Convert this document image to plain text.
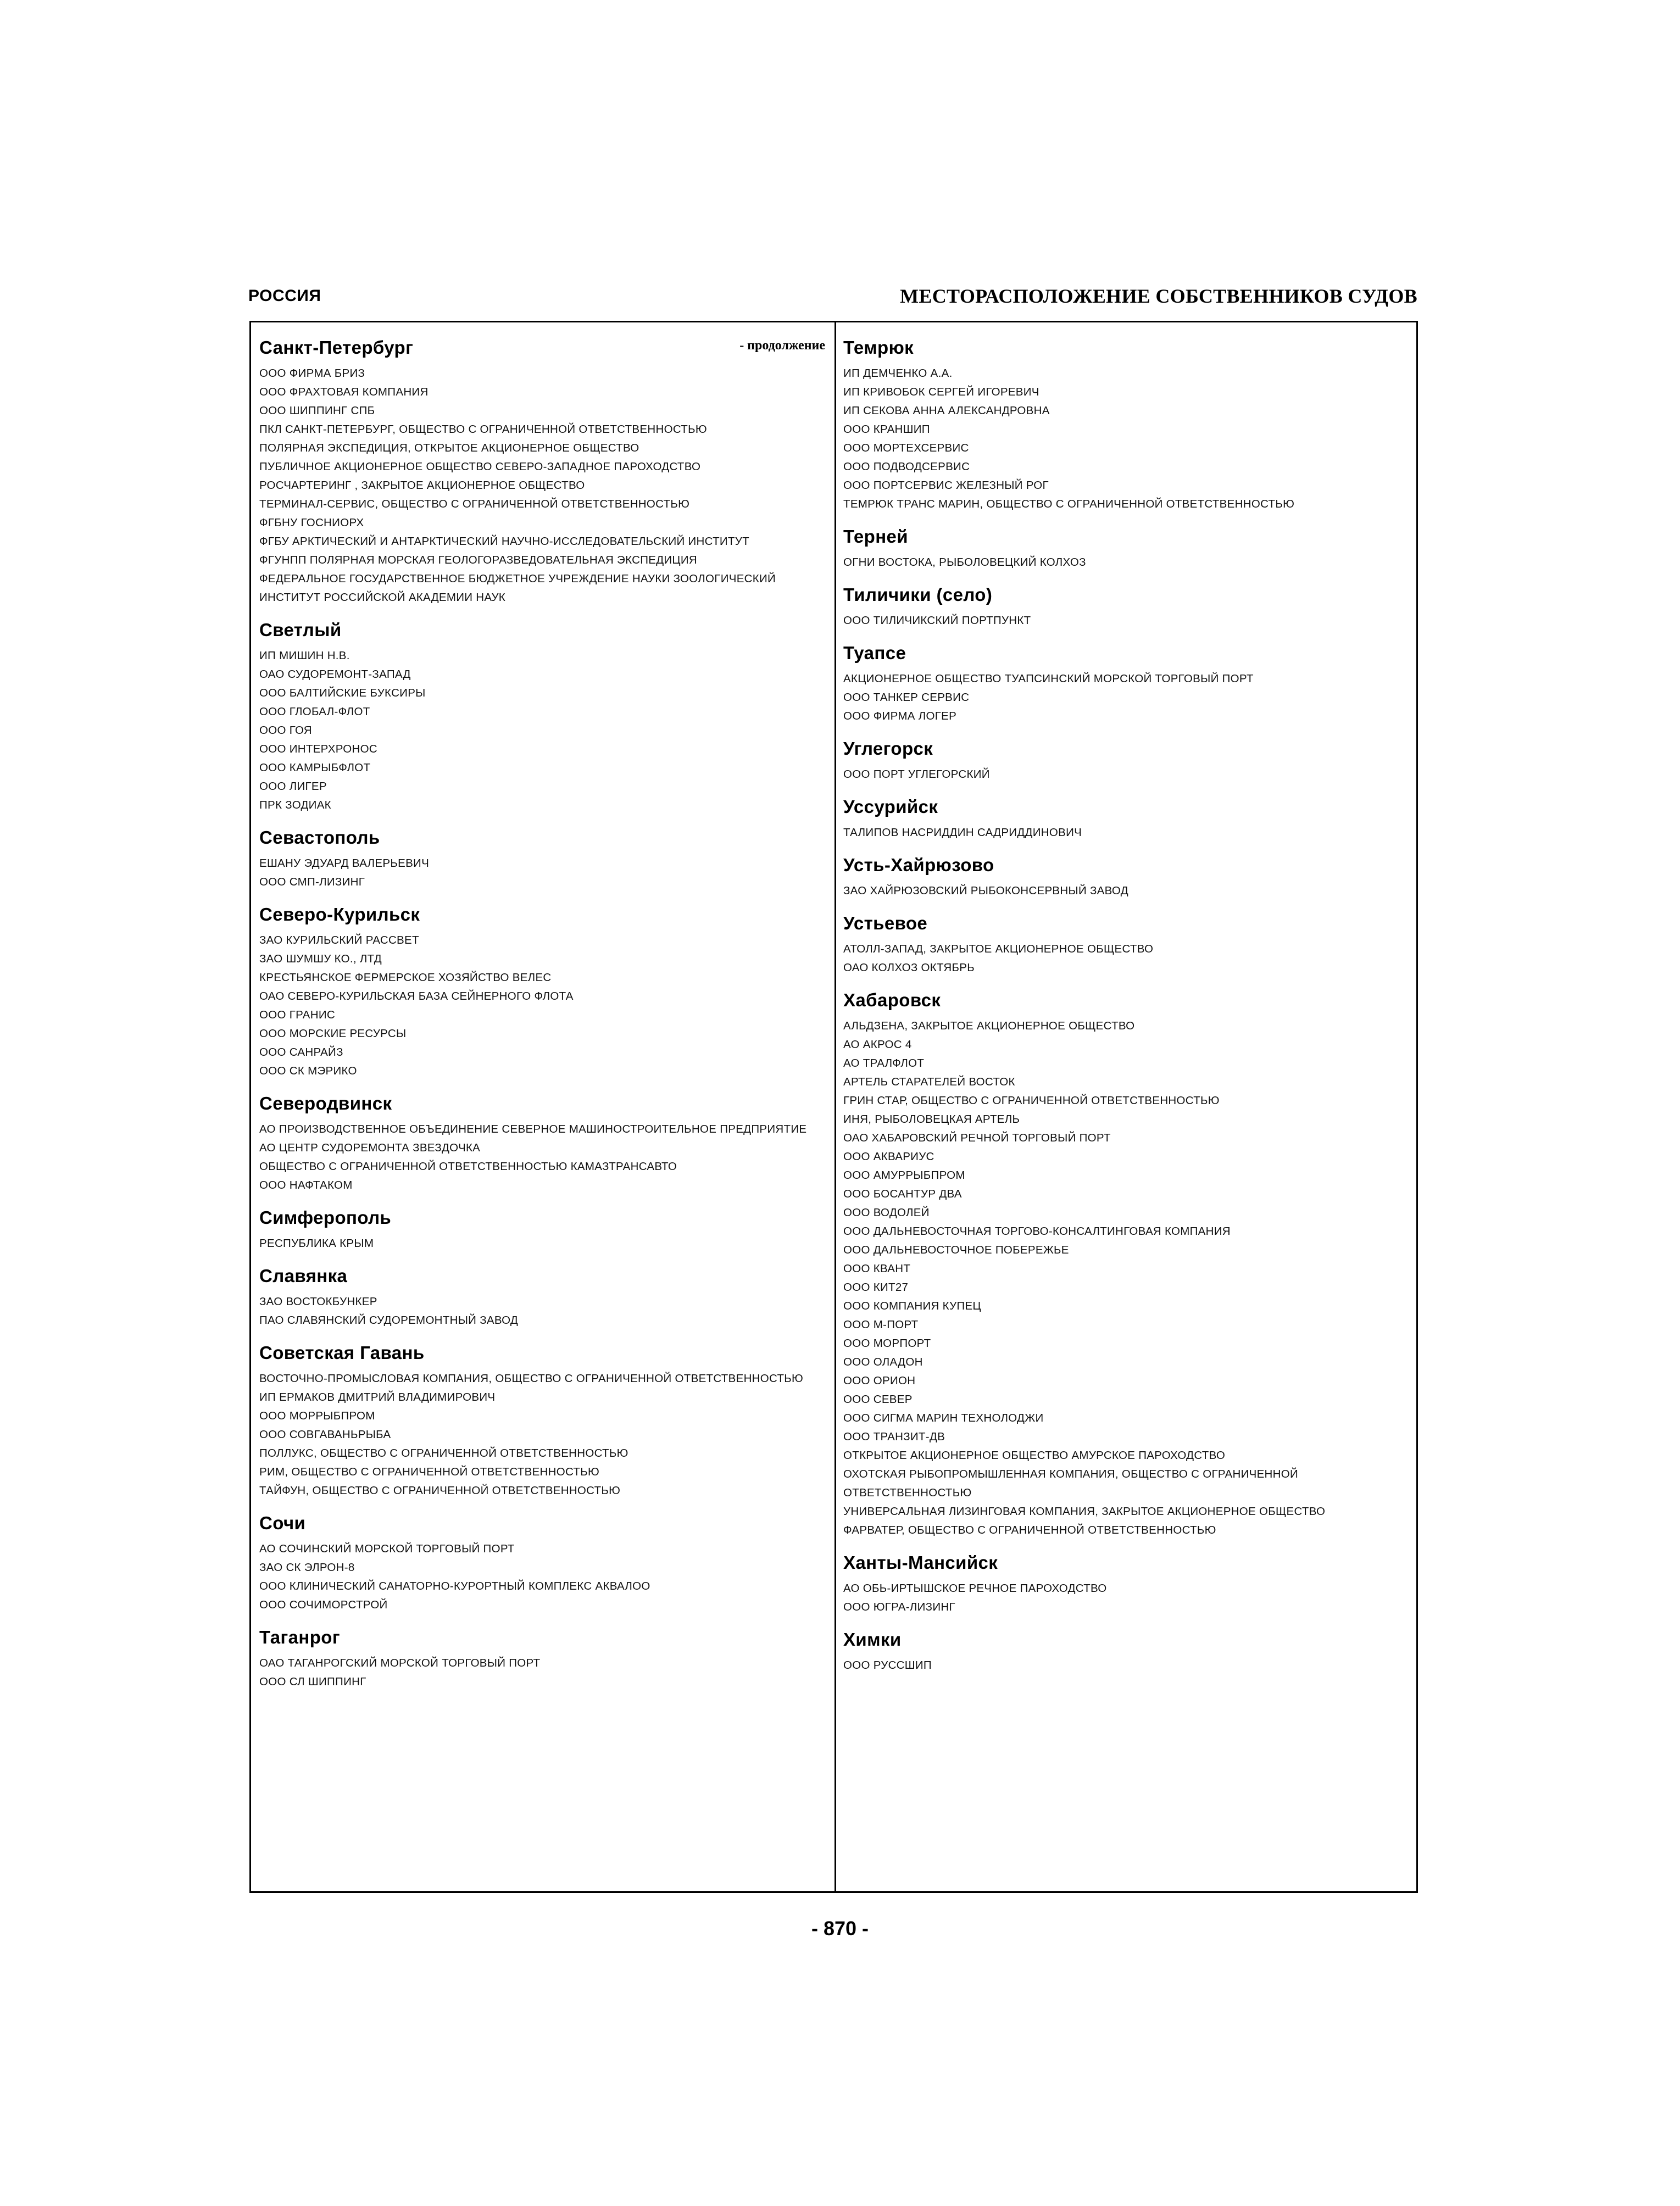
РОССИЯ	МЕСТОРАСПОЛОЖЕНИЕ СОБСТВЕННИКОВ СУДОВ
Санкт-Петербург	- продолжение
ООО ФИРМА БРИЗ
ООО ФРАХТОВАЯ КОМПАНИЯ
ООО ШИППИНГ СПБ
ПКЛ САНКТ-ПЕТЕРБУРГ, ОБЩЕСТВО С ОГРАНИЧЕННОЙ ОТВЕТСТВЕННОСТЬЮ
ПОЛЯРНАЯ ЭКСПЕДИЦИЯ, ОТКРЫТОЕ АКЦИОНЕРНОЕ ОБЩЕСТВО
ПУБЛИЧНОЕ АКЦИОНЕРНОЕ ОБЩЕСТВО СЕВЕРО-ЗАПАДНОЕ ПАРОХОДСТВО
РОСЧАРТЕРИНГ , ЗАКРЫТОЕ АКЦИОНЕРНОЕ ОБЩЕСТВО
ТЕРМИНАЛ-СЕРВИС, ОБЩЕСТВО С ОГРАНИЧЕННОЙ ОТВЕТСТВЕННОСТЬЮ
ФГБНУ ГОСНИОРХ
ФГБУ АРКТИЧЕСКИЙ И АНТАРКТИЧЕСКИЙ НАУЧНО-ИССЛЕДОВАТЕЛЬСКИЙ ИНСТИТУТ
ФГУНПП ПОЛЯРНАЯ МОРСКАЯ ГЕОЛОГОРАЗВЕДОВАТЕЛЬНАЯ ЭКСПЕДИЦИЯ
ФЕДЕРАЛЬНОЕ ГОСУДАРСТВЕННОЕ БЮДЖЕТНОЕ УЧРЕЖДЕНИЕ НАУКИ ЗООЛОГИЧЕСКИЙ ИНСТИТУТ РОССИЙСКОЙ АКАДЕМИИ НАУК
Светлый
ИП МИШИН Н.В.
ОАО СУДОРЕМОНТ-ЗАПАД
ООО БАЛТИЙСКИЕ БУКСИРЫ
ООО ГЛОБАЛ-ФЛОТ
ООО ГОЯ
ООО ИНТЕРХРОНОС
ООО КАМРЫБФЛОТ
ООО ЛИГЕР
ПРК ЗОДИАК
Севастополь
ЕШАНУ ЭДУАРД ВАЛЕРЬЕВИЧ
ООО СМП-ЛИЗИНГ
Северо-Курильск
ЗАО КУРИЛЬСКИЙ РАССВЕТ
ЗАО ШУМШУ КО., ЛТД
КРЕСТЬЯНСКОЕ ФЕРМЕРСКОЕ ХОЗЯЙСТВО ВЕЛЕС
ОАО СЕВЕРО-КУРИЛЬСКАЯ БАЗА СЕЙНЕРНОГО ФЛОТА
ООО ГРАНИС
ООО МОРСКИЕ РЕСУРСЫ
ООО САНРАЙЗ
ООО СК МЭРИКО
Северодвинск
АО ПРОИЗВОДСТВЕННОЕ ОБЪЕДИНЕНИЕ СЕВЕРНОЕ МАШИНОСТРОИТЕЛЬНОЕ ПРЕДПРИЯТИЕ
АО ЦЕНТР СУДОРЕМОНТА ЗВЕЗДОЧКА
ОБЩЕСТВО С ОГРАНИЧЕННОЙ ОТВЕТСТВЕННОСТЬЮ КАМАЗТРАНСАВТО
ООО НАФТАКОМ
Симферополь
РЕСПУБЛИКА КРЫМ
Славянка
ЗАО ВОСТОКБУНКЕР
ПАО СЛАВЯНСКИЙ СУДОРЕМОНТНЫЙ ЗАВОД
Советская Гавань
ВОСТОЧНО-ПРОМЫСЛОВАЯ КОМПАНИЯ, ОБЩЕСТВО С ОГРАНИЧЕННОЙ ОТВЕТСТВЕННОСТЬЮ
ИП ЕРМАКОВ ДМИТРИЙ ВЛАДИМИРОВИЧ
ООО МОРРЫБПРОМ
ООО СОВГАВАНЬРЫБА
ПОЛЛУКС, ОБЩЕСТВО С ОГРАНИЧЕННОЙ ОТВЕТСТВЕННОСТЬЮ
РИМ, ОБЩЕСТВО С ОГРАНИЧЕННОЙ ОТВЕТСТВЕННОСТЬЮ
ТАЙФУН, ОБЩЕСТВО С ОГРАНИЧЕННОЙ ОТВЕТСТВЕННОСТЬЮ
Сочи
АО СОЧИНСКИЙ МОРСКОЙ ТОРГОВЫЙ ПОРТ
ЗАО СК ЭЛРОН-8
ООО КЛИНИЧЕСКИЙ САНАТОРНО-КУРОРТНЫЙ КОМПЛЕКС АКВАЛОО
ООО СОЧИМОРСТРОЙ
Таганрог
ОАО ТАГАНРОГСКИЙ МОРСКОЙ ТОРГОВЫЙ ПОРТ
ООО СЛ ШИППИНГ
Темрюк
ИП ДЕМЧЕНКО А.А.
ИП КРИВОБОК СЕРГЕЙ ИГОРЕВИЧ
ИП СЕКОВА АННА АЛЕКСАНДРОВНА
ООО КРАНШИП
ООО МОРТЕХСЕРВИС
ООО ПОДВОДСЕРВИС
ООО ПОРТСЕРВИС ЖЕЛЕЗНЫЙ РОГ
ТЕМРЮК ТРАНС МАРИН, ОБЩЕСТВО С ОГРАНИЧЕННОЙ ОТВЕТСТВЕННОСТЬЮ
Терней
ОГНИ ВОСТОКА, РЫБОЛОВЕЦКИЙ КОЛХОЗ
Тиличики (село)
ООО ТИЛИЧИКСКИЙ ПОРТПУНКТ
Туапсе
АКЦИОНЕРНОЕ ОБЩЕСТВО ТУАПСИНСКИЙ МОРСКОЙ ТОРГОВЫЙ ПОРТ
ООО ТАНКЕР СЕРВИС
ООО ФИРМА ЛОГЕР
Углегорск
ООО ПОРТ УГЛЕГОРСКИЙ
Уссурийск
ТАЛИПОВ НАСРИДДИН САДРИДДИНОВИЧ
Усть-Хайрюзово
ЗАО ХАЙРЮЗОВСКИЙ РЫБОКОНСЕРВНЫЙ ЗАВОД
Устьевое
АТОЛЛ-ЗАПАД, ЗАКРЫТОЕ АКЦИОНЕРНОЕ ОБЩЕСТВО
ОАО КОЛХОЗ ОКТЯБРЬ
Хабаровск
АЛЬДЗЕНА, ЗАКРЫТОЕ АКЦИОНЕРНОЕ ОБЩЕСТВО
АО АКРОС 4
АО ТРАЛФЛОТ
АРТЕЛЬ СТАРАТЕЛЕЙ ВОСТОК
ГРИН СТАР, ОБЩЕСТВО С ОГРАНИЧЕННОЙ ОТВЕТСТВЕННОСТЬЮ
ИНЯ, РЫБОЛОВЕЦКАЯ АРТЕЛЬ
ОАО ХАБАРОВСКИЙ РЕЧНОЙ ТОРГОВЫЙ ПОРТ
ООО АКВАРИУС
ООО АМУРРЫБПРОМ
ООО БОСАНТУР ДВА
ООО ВОДОЛЕЙ
ООО ДАЛЬНЕВОСТОЧНАЯ ТОРГОВО-КОНСАЛТИНГОВАЯ КОМПАНИЯ
ООО ДАЛЬНЕВОСТОЧНОЕ ПОБЕРЕЖЬЕ
ООО КВАНТ
ООО КИТ27
ООО КОМПАНИЯ КУПЕЦ
ООО М-ПОРТ
ООО МОРПОРТ
ООО ОЛАДОН
ООО ОРИОН
ООО СЕВЕР
ООО СИГМА МАРИН ТЕХНОЛОДЖИ
ООО ТРАНЗИТ-ДВ
ОТКРЫТОЕ АКЦИОНЕРНОЕ ОБЩЕСТВО АМУРСКОЕ ПАРОХОДСТВО
ОХОТСКАЯ РЫБОПРОМЫШЛЕННАЯ КОМПАНИЯ, ОБЩЕСТВО С ОГРАНИЧЕННОЙ ОТВЕТСТВЕННОСТЬЮ
УНИВЕРСАЛЬНАЯ ЛИЗИНГОВАЯ КОМПАНИЯ, ЗАКРЫТОЕ АКЦИОНЕРНОЕ ОБЩЕСТВО
ФАРВАТЕР, ОБЩЕСТВО С ОГРАНИЧЕННОЙ ОТВЕТСТВЕННОСТЬЮ
Ханты-Мансийск
АО ОБЬ-ИРТЫШСКОЕ РЕЧНОЕ ПАРОХОДСТВО
ООО ЮГРА-ЛИЗИНГ
Химки
ООО РУССШИП
- 870 -
